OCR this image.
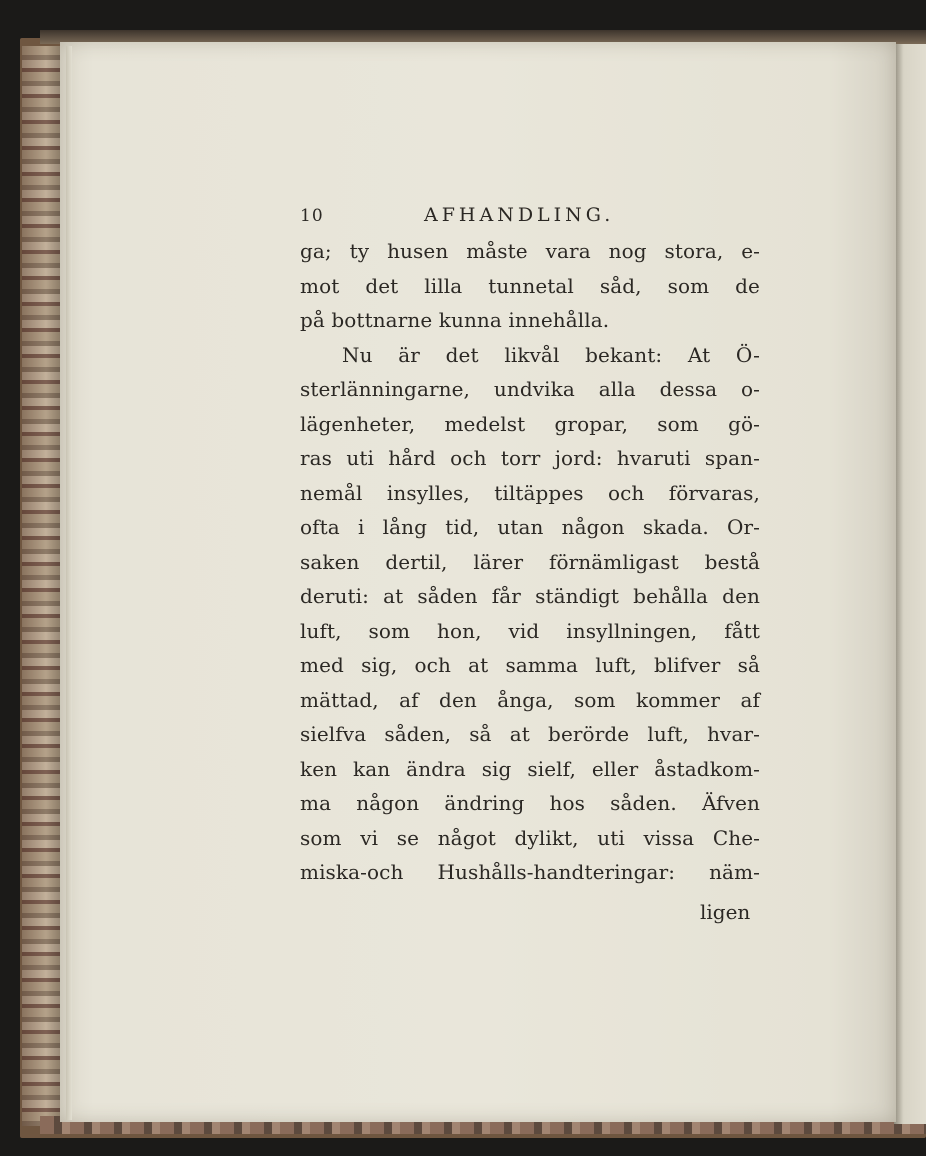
10	AFHANDLING.
ga; ty husen måste vara nog stora, e-
mot det lilla tunnetal såd, som de
på bottnarne kunna innehålla.
Nu är det likvål bekant: At Ö-
sterlänningarne, undvika alla dessa o-
lägenheter, medelst gropar, som gö-
ras uti hård och torr jord: hvaruti span-
nemål insylles, tiltäppes och förvaras,
ofta i lång tid, utan någon skada. Or-
saken dertil, lärer förnämligast bestå
deruti: at såden får ständigt behålla den
luft, som hon, vid insyllningen, fått
med sig, och at samma luft, blifver så
mättad, af den ånga, som kommer af
sielfva såden, så at berörde luft, hvar-
ken kan ändra sig sielf, eller åstadkom-
ma någon ändring hos såden. Äfven
som vi se något dylikt, uti vissa Che-
miska-och Hushålls-handteringar: näm-
ligen
